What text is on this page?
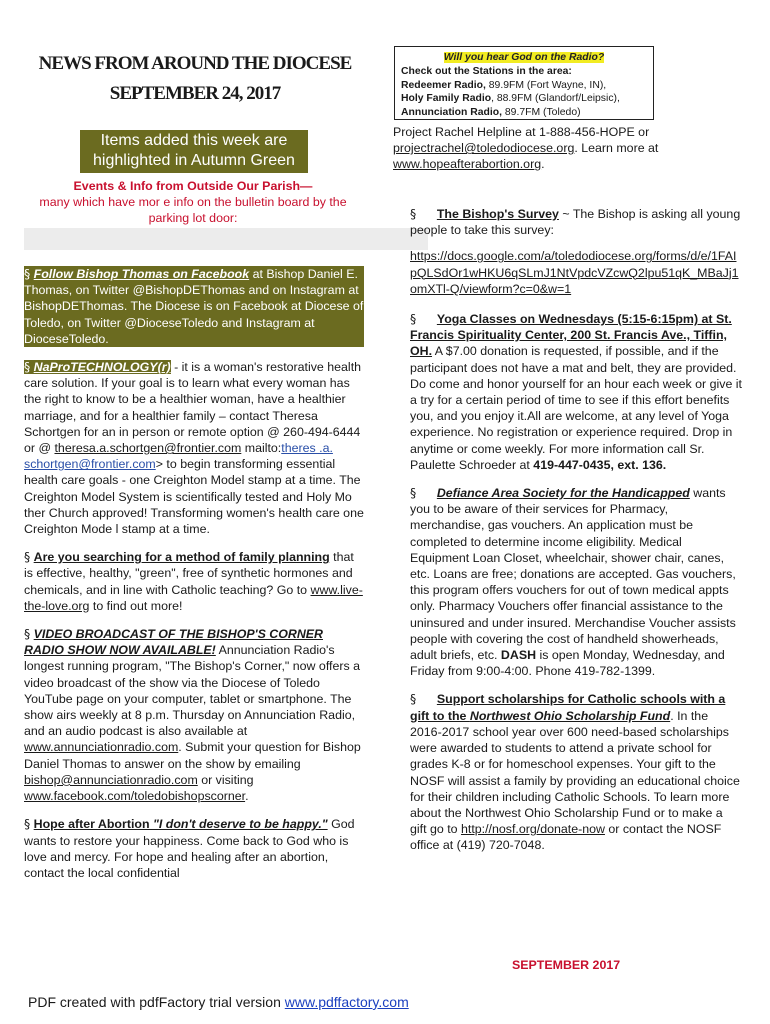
NEWS FROM AROUND THE DIOCESE
SEPTEMBER 24, 2017
Items added this week are
highlighted in Autumn Green
Events & Info from Outside Our Parish—
many which have mor e info on the bulletin board by the parking lot door:
Will you hear God on the Radio?
Check out the Stations in the area:
Redeemer Radio, 89.9FM (Fort Wayne, IN),
Holy Family Radio, 88.9FM (Glandorf/Leipsic),
Annunciation Radio, 89.7FM (Toledo)
Project Rachel Helpline at 1-888-456-HOPE or projectrachel@toledodiocese.org. Learn more at www.hopeafterabortion.org.

§ Follow Bishop Thomas on Facebook at Bishop Daniel E. Thomas, on Twitter @BishopDEThomas and on Instagram at BishopDEThomas. The Diocese is on Facebook at Diocese of Toledo, on Twitter @DioceseToledo and Instagram at DioceseToledo.

§ NaProTECHNOLOGY(r) - it is a woman's restorative health care solution. If your goal is to learn what every woman has the right to know to be a healthier woman, have a healthier marriage, and for a healthier family – contact Theresa Schortgen for an in person or remote option @ 260-494-6444 or @ theresa.a.schortgen@frontier.com mailto:theres .a. schortgen@frontier.com> to begin transforming essential health care goals - one Creighton Model stamp at a time. The Creighton Model System is scientifically tested and Holy Mo ther Church approved! Transforming women's health care one Creighton Mode l stamp at a time.

§ Are you searching for a method of family planning that is effective, healthy, "green", free of synthetic hormones and chemicals, and in line with Catholic teaching? Go to www.live-the-love.org to find out more!

§ VIDEO BROADCAST OF THE BISHOP'S CORNER RADIO SHOW NOW AVAILABLE! Annunciation Radio's longest running program, "The Bishop's Corner," now offers a video broadcast of the show via the Diocese of Toledo YouTube page on your computer, tablet or smartphone. The show airs weekly at 8 p.m. Thursday on Annunciation Radio, and an audio podcast is also available at www.annunciationradio.com. Submit your question for Bishop Daniel Thomas to answer on the show by emailing bishop@annunciationradio.com or visiting www.facebook.com/toledobishopscorner.

§ Hope after Abortion "I don't deserve to be happy." God wants to restore your happiness. Come back to God who is love and mercy. For hope and healing after an abortion, contact the local confidential

§ The Bishop's Survey ~ The Bishop is asking all young people to take this survey:
https://docs.google.com/a/toledodiocese.org/forms/d/e/1FAIpQLSdOr1wHKU6qSLmJ1NtVpdcVZcwQ2lpu51qK_MBaJj1omXTl-Q/viewform?c=0&w=1

§ Yoga Classes on Wednesdays (5:15-6:15pm) at St. Francis Spirituality Center, 200 St. Francis Ave., Tiffin, OH. A $7.00 donation is requested, if possible, and if the participant does not have a mat and belt, they are provided. Do come and honor yourself for an hour each week or give it a try for a certain period of time to see if this effort benefits you, and you enjoy it.All are welcome, at any level of Yoga experience. No registration or experience required. Drop in anytime or come weekly. For more information call Sr. Paulette Schroeder at 419-447-0435, ext. 136.

§ Defiance Area Society for the Handicapped wants you to be aware of their services for Pharmacy, merchandise, gas vouchers. An application must be completed to determine income eligibility. Medical Equipment Loan Closet, wheelchair, shower chair, canes, etc. Loans are free; donations are accepted. Gas vouchers, this program offers vouchers for out of town medical appts only. Pharmacy Vouchers offer financial assistance to the uninsured and under insured. Merchandise Voucher assists people with covering the cost of handheld showerheads, adult briefs, etc. DASH is open Monday, Wednesday, and Friday from 9:00-4:00. Phone 419-782-1399.

§ Support scholarships for Catholic schools with a gift to the Northwest Ohio Scholarship Fund. In the 2016-2017 school year over 600 need-based scholarships were awarded to students to attend a private school for grades K-8 or for homeschool expenses. Your gift to the NOSF will assist a family by providing an educational choice for their children including Catholic Schools. To learn more about the Northwest Ohio Scholarship Fund or to make a gift go to http://nosf.org/donate-now or contact the NOSF office at (419) 720-7048.

SEPTEMBER 2017
PDF created with pdfFactory trial version www.pdffactory.com
